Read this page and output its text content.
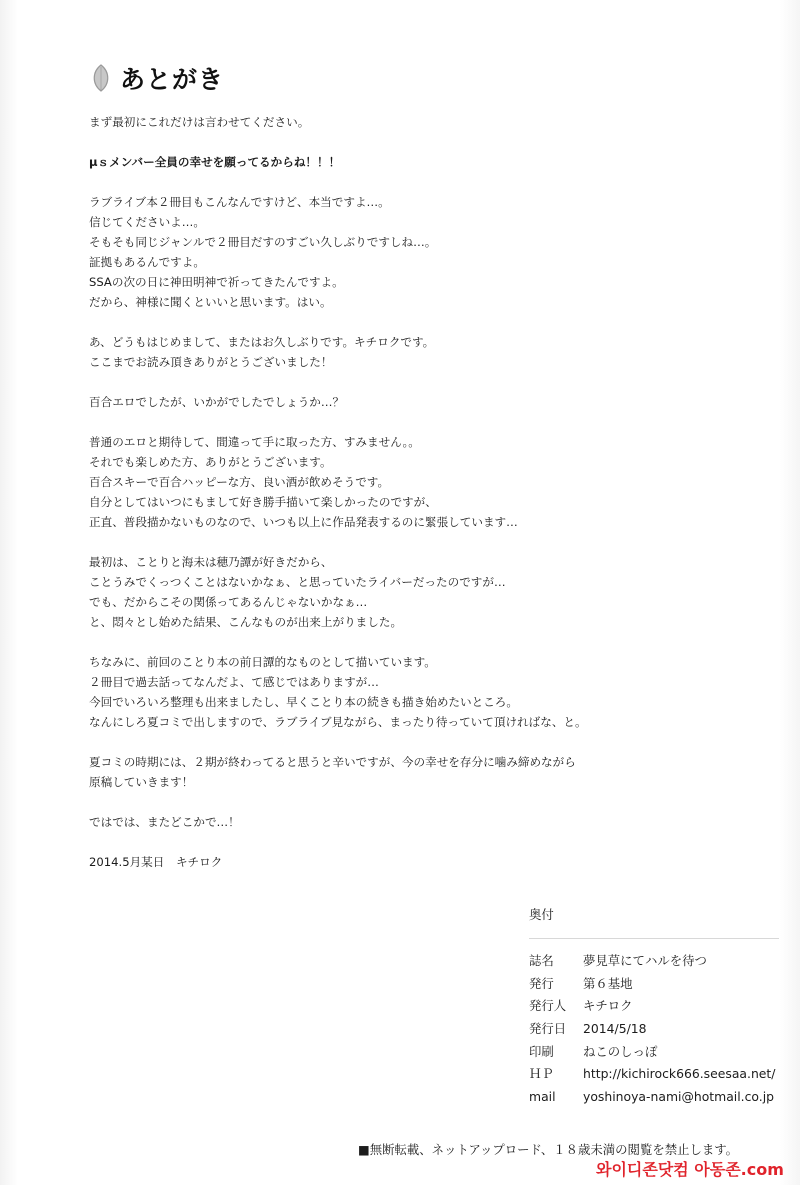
あとがき
まず最初にこれだけは言わせてください。
μｓメンバー全員の幸せを願ってるからね！！！
ラブライブ本２冊目もこんなんですけど、本当ですよ…。
信じてくださいよ…。
そもそも同じジャンルで２冊目だすのすごい久しぶりですしね…。
証拠もあるんですよ。
SSAの次の日に神田明神で祈ってきたんですよ。
だから、神様に聞くといいと思います。はい。
あ、どうもはじめまして、またはお久しぶりです。キチロクです。
ここまでお読み頂きありがとうございました！
百合エロでしたが、いかがでしたでしょうか…？
普通のエロと期待して、間違って手に取った方、すみません。。
それでも楽しめた方、ありがとうございます。
百合スキーで百合ハッピーな方、良い酒が飲めそうです。
自分としてはいつにもまして好き勝手描いて楽しかったのですが、
正直、普段描かないものなので、いつも以上に作品発表するのに緊張しています…
最初は、ことりと海未は穂乃譚が好きだから、
ことうみでくっつくことはないかなぁ、と思っていたライバーだったのですが…
でも、だからこその関係ってあるんじゃないかなぁ…
と、悶々とし始めた結果、こんなものが出来上がりました。
ちなみに、前回のことり本の前日譚的なものとして描いています。
２冊目で過去話ってなんだよ、て感じではありますが…
今回でいろいろ整理も出来ましたし、早くことり本の続きも描き始めたいところ。
なんにしろ夏コミで出しますので、ラブライブ見ながら、まったり待っていて頂ければな、と。
夏コミの時期には、２期が終わってると思うと辛いですが、今の幸せを存分に噛み締めながら
原稿していきます！
ではでは、またどこかで…！
2014.5月某日　キチロク
奥付
誌名	夢見草にてハルを待つ
発行	第６基地
発行人	キチロク
発行日	2014/5/18
印刷	ねこのしっぽ
ＨＰ	http://kichirock666.seesaa.net/
mail	yoshinoya-nami@hotmail.co.jp
■無断転載、ネットアップロード、１８歳未満の閲覧を禁止します。
와이디존닷컴 아동존.com
